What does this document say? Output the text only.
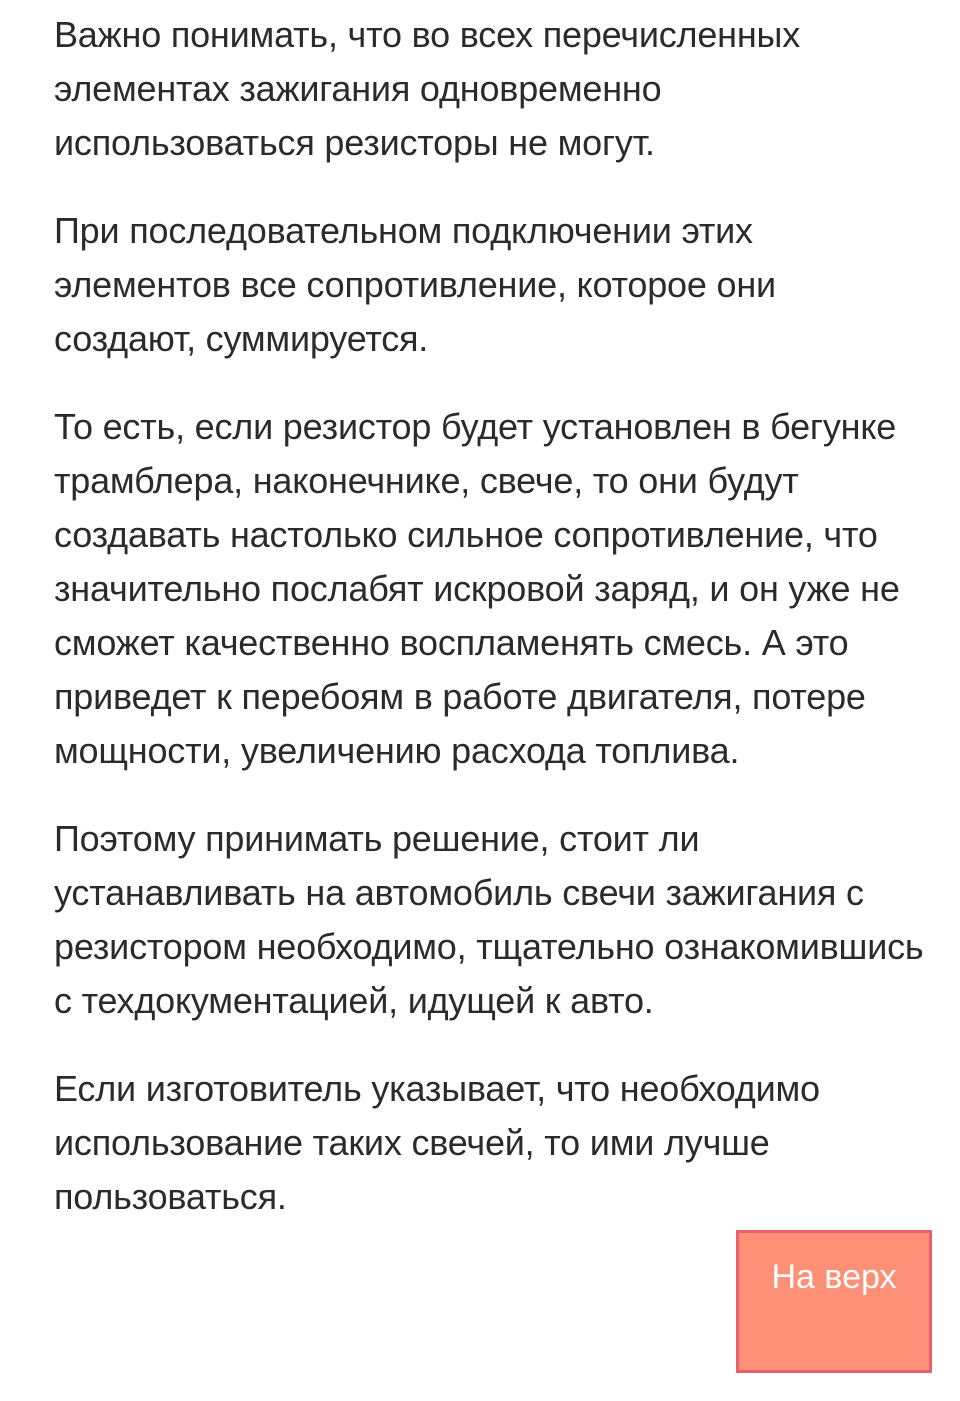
Важно понимать, что во всех перечисленных элементах зажигания одновременно использоваться резисторы не могут.

При последовательном подключении этих элементов все сопротивление, которое они создают, суммируется.

То есть, если резистор будет установлен в бегунке трамблера, наконечнике, свече, то они будут создавать настолько сильное сопротивление, что значительно послабят искровой заряд, и он уже не сможет качественно воспламенять смесь. А это приведет к перебоям в работе двигателя, потере мощности, увеличению расхода топлива.

Поэтому принимать решение, стоит ли устанавливать на автомобиль свечи зажигания с резистором необходимо, тщательно ознакомившись с техдокументацией, идущей к авто.

Если изготовитель указывает, что необходимо использование таких свечей, то ими лучше пользоваться.

На верх
